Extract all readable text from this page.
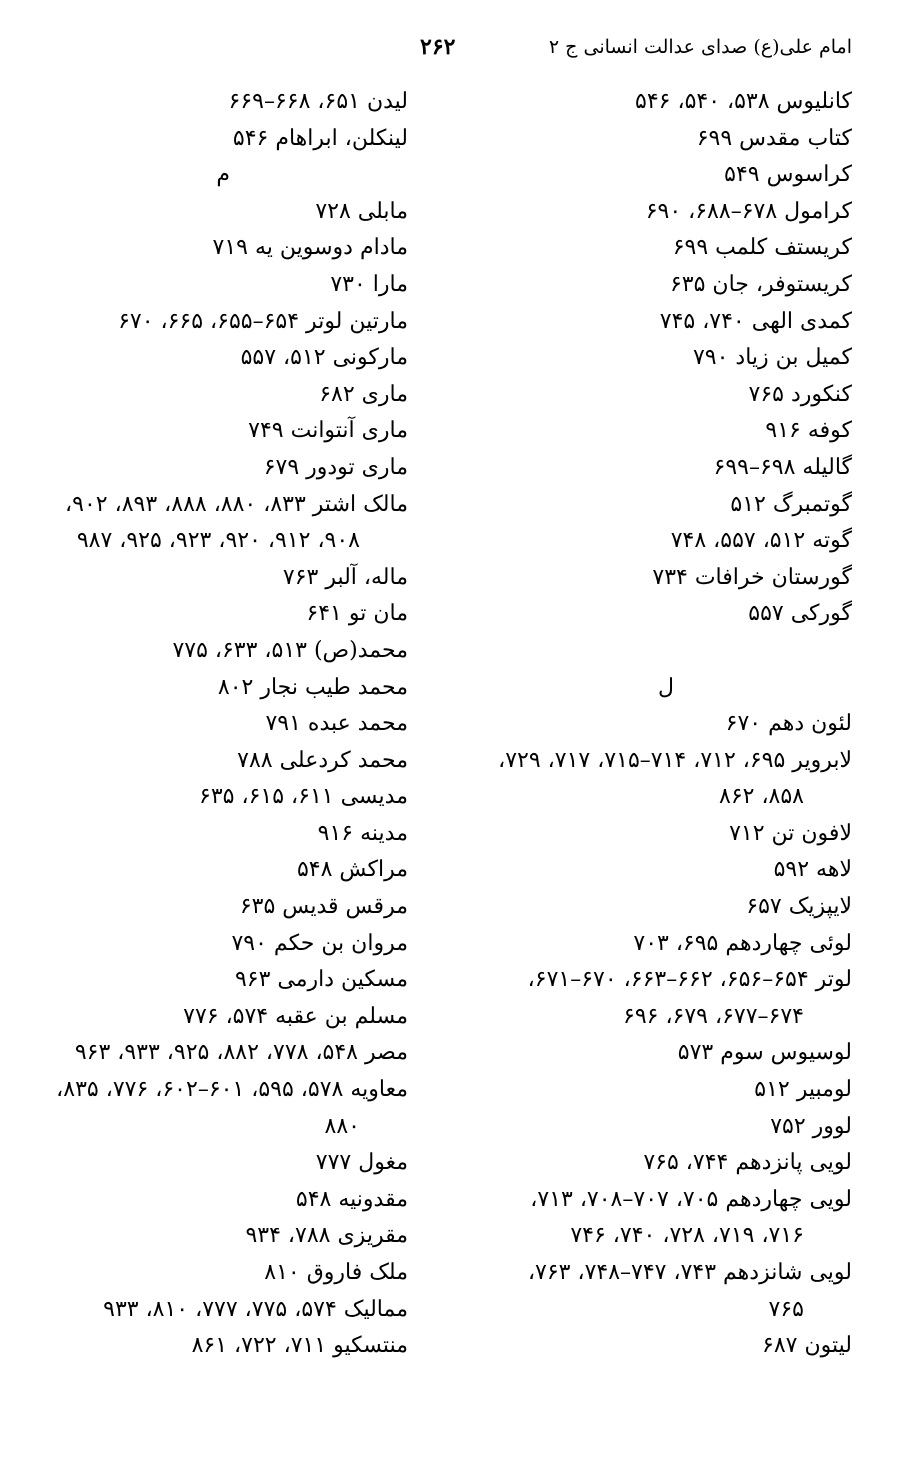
امام علی(ع) صدای عدالت انسانی ج ۲
۲۶۲
کانلیوس ۵۳۸، ۵۴۰، ۵۴۶
کتاب مقدس ۶۹۹
کراسوس ۵۴۹
کرامول ۶۷۸–۶۸۸، ۶۹۰
کریستف کلمب ۶۹۹
کریستوفر، جان ۶۳۵
کمدی الهی ۷۴۰، ۷۴۵
کمیل بن زیاد ۷۹۰
کنکورد ۷۶۵
کوفه ۹۱۶
گالیله ۶۹۸–۶۹۹
گوتمبرگ ۵۱۲
گوته ۵۱۲، ۵۵۷، ۷۴۸
گورستان خرافات ۷۳۴
گورکی ۵۵۷
ل
لئون دهم ۶۷۰
لابرویر ۶۹۵، ۷۱۲، ۷۱۴–۷۱۵، ۷۱۷، ۷۲۹،
۸۵۸، ۸۶۲
لافون تن ۷۱۲
لاهه ۵۹۲
لایپزیک ۶۵۷
لوئی چهاردهم ۶۹۵، ۷۰۳
لوتر ۶۵۴–۶۵۶، ۶۶۲–۶۶۳، ۶۷۰–۶۷۱،
۶۷۴–۶۷۷، ۶۷۹، ۶۹۶
لوسیوس سوم ۵۷۳
لومبیر ۵۱۲
لوور ۷۵۲
لویی پانزدهم ۷۴۴، ۷۶۵
لویی چهاردهم ۷۰۵، ۷۰۷–۷۰۸، ۷۱۳،
۷۱۶، ۷۱۹، ۷۲۸، ۷۴۰، ۷۴۶
لویی شانزدهم ۷۴۳، ۷۴۷–۷۴۸، ۷۶۳،
۷۶۵
لیتون ۶۸۷
لیدن ۶۵۱، ۶۶۸–۶۶۹
لینکلن، ابراهام ۵۴۶
م
مابلی ۷۲۸
مادام دوسوین یه ۷۱۹
مارا ۷۳۰
مارتین لوتر ۶۵۴–۶۵۵، ۶۶۵، ۶۷۰
مارکونی ۵۱۲، ۵۵۷
ماری ۶۸۲
ماری آنتوانت ۷۴۹
ماری تودور ۶۷۹
مالک اشتر ۸۳۳، ۸۸۰، ۸۸۸، ۸۹۳، ۹۰۲،
۹۰۸، ۹۱۲، ۹۲۰، ۹۲۳، ۹۲۵، ۹۸۷
ماله، آلبر ۷۶۳
مان تو ۶۴۱
محمد(ص) ۵۱۳، ۶۳۳، ۷۷۵
محمد طیب نجار ۸۰۲
محمد عبده ۷۹۱
محمد کردعلی ۷۸۸
مدیسی ۶۱۱، ۶۱۵، ۶۳۵
مدینه ۹۱۶
مراکش ۵۴۸
مرقس قدیس ۶۳۵
مروان بن حکم ۷۹۰
مسکین دارمی ۹۶۳
مسلم بن عقبه ۵۷۴، ۷۷۶
مصر ۵۴۸، ۷۷۸، ۸۸۲، ۹۲۵، ۹۳۳، ۹۶۳
معاویه ۵۷۸، ۵۹۵، ۶۰۱–۶۰۲، ۷۷۶، ۸۳۵،
۸۸۰
مغول ۷۷۷
مقدونیه ۵۴۸
مقریزی ۷۸۸، ۹۳۴
ملک فاروق ۸۱۰
ممالیک ۵۷۴، ۷۷۵، ۷۷۷، ۸۱۰، ۹۳۳
منتسکیو ۷۱۱، ۷۲۲، ۸۶۱
